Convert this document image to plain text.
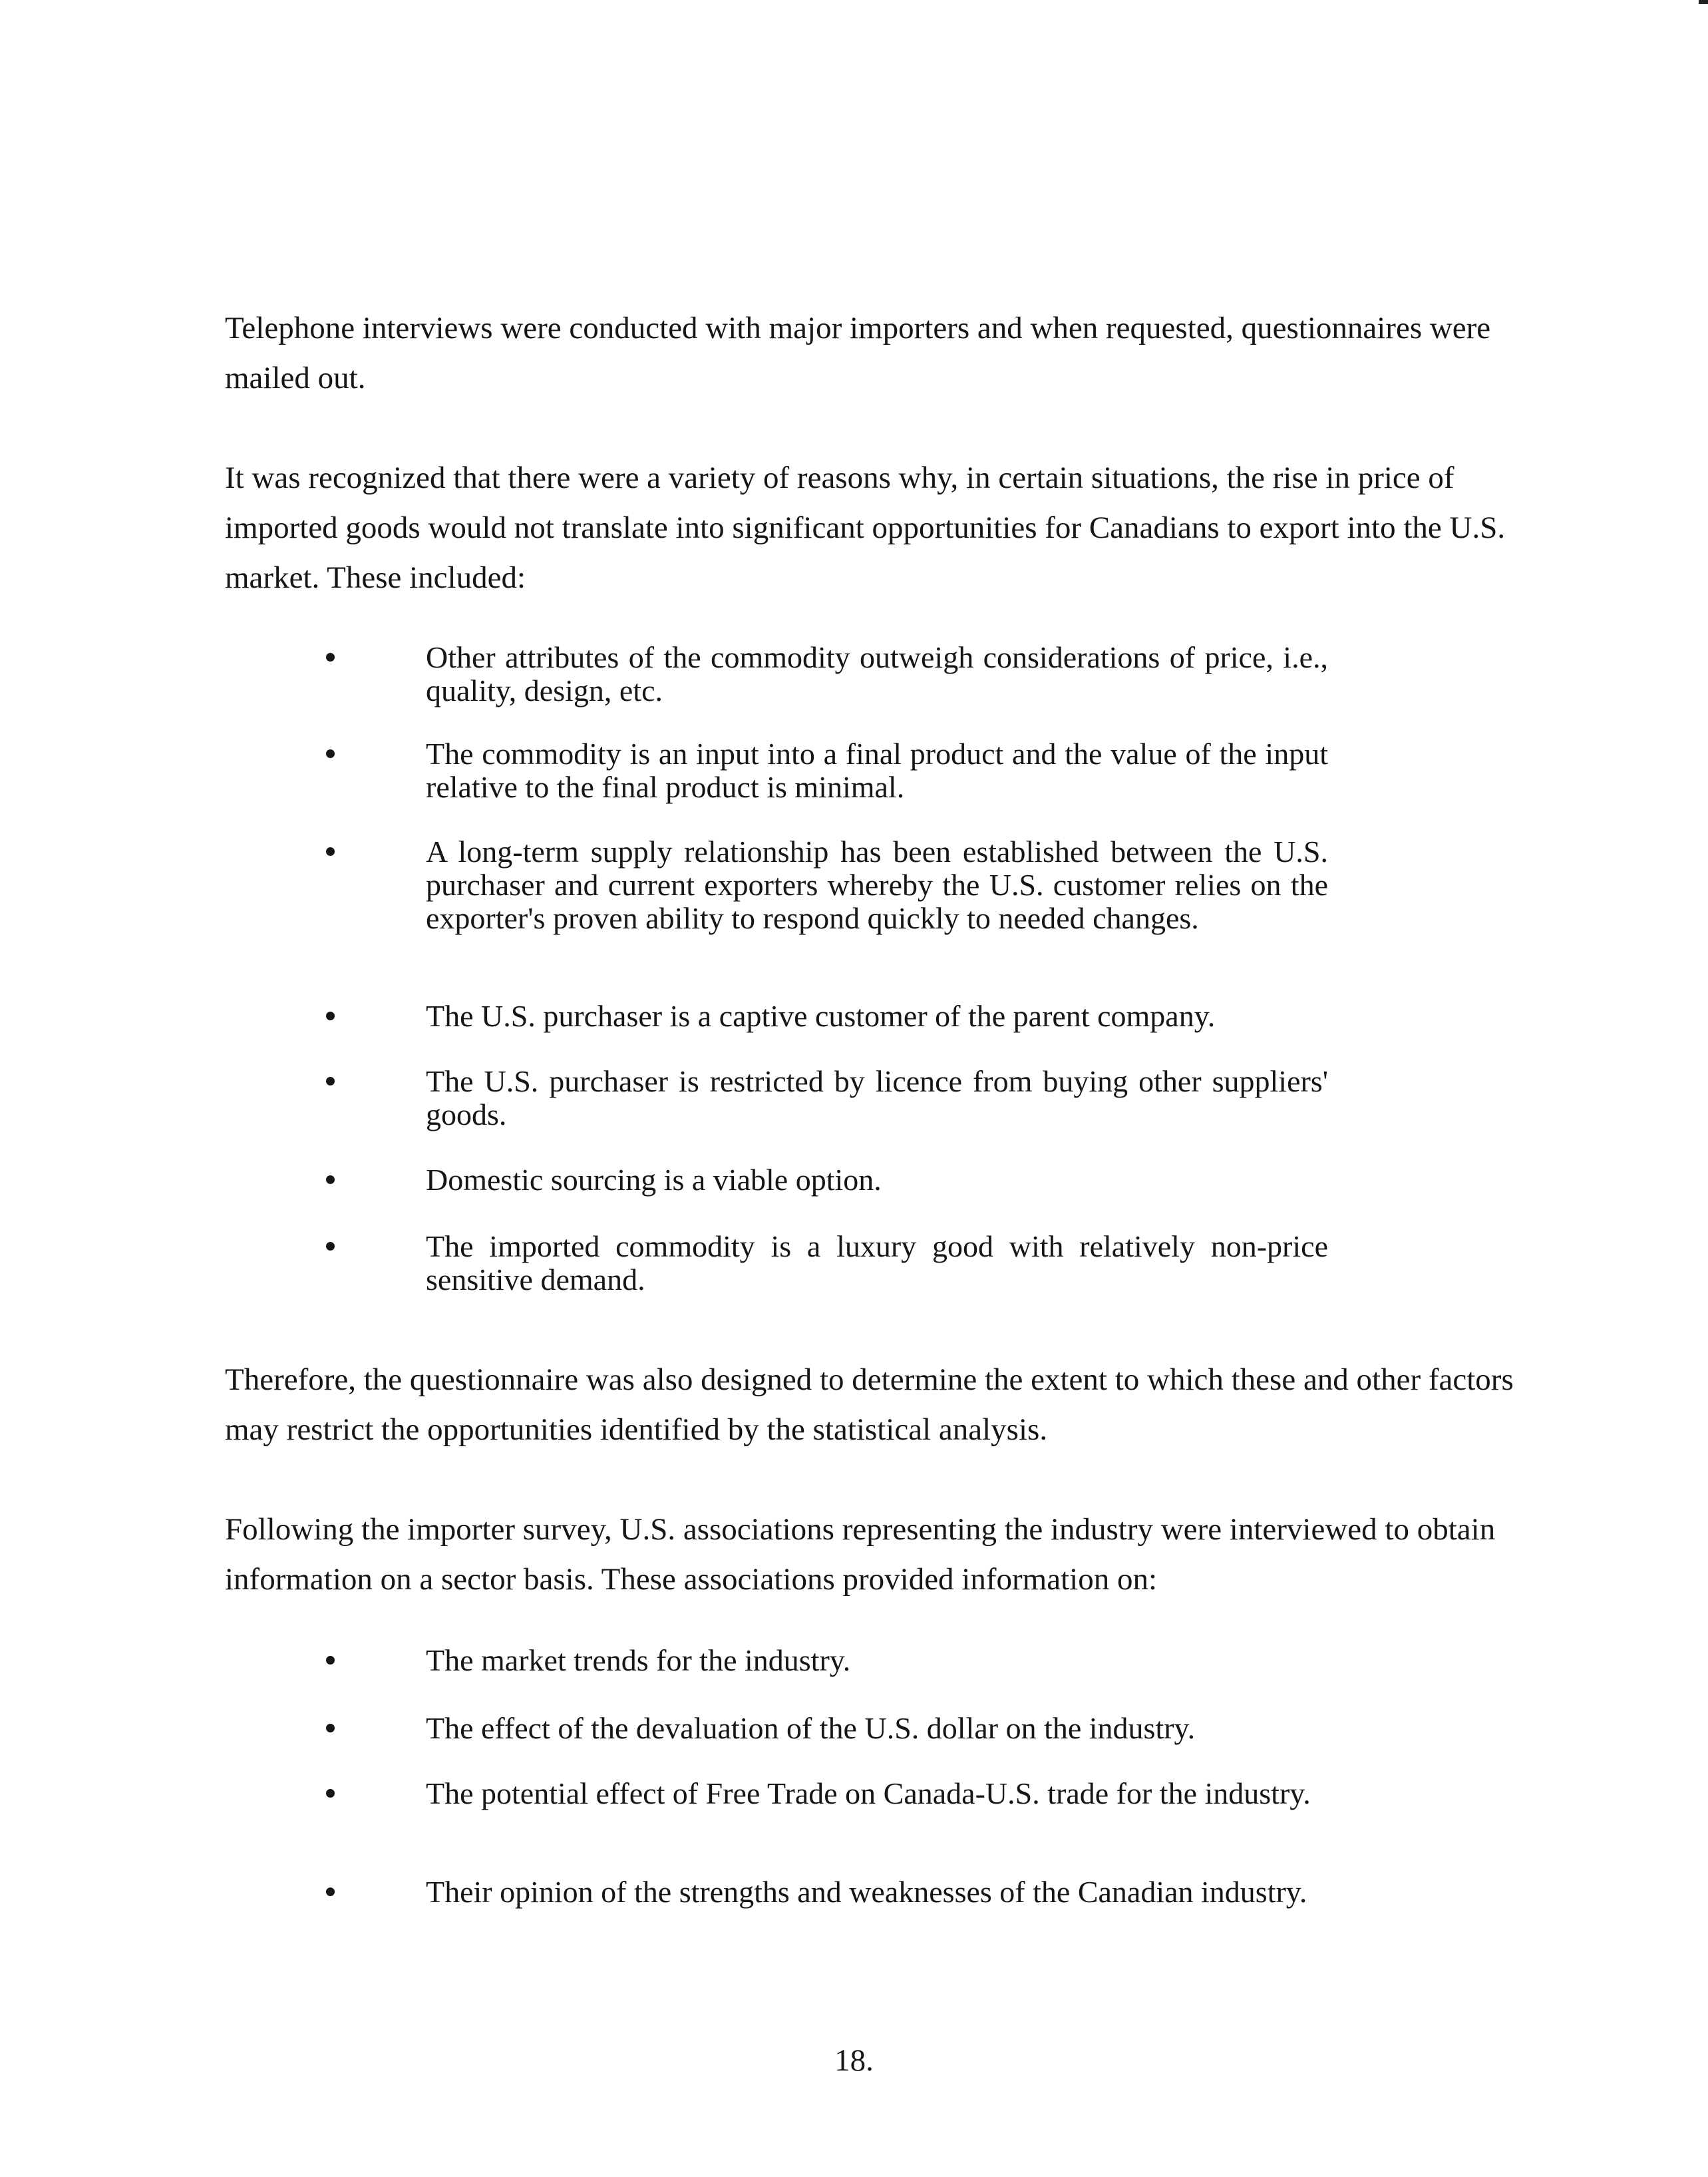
Telephone interviews were conducted with major importers and when requested, questionnaires were mailed out.

It was recognized that there were a variety of reasons why, in certain situations, the rise in price of imported goods would not translate into significant opportunities for Canadians to export into the U.S. market. These included:

Other attributes of the commodity outweigh considerations of price, i.e., quality, design, etc.
The commodity is an input into a final product and the value of the input relative to the final product is minimal.
A long-term supply relationship has been established between the U.S. purchaser and current exporters whereby the U.S. customer relies on the exporter's proven ability to respond quickly to needed changes.
The U.S. purchaser is a captive customer of the parent company.
The U.S. purchaser is restricted by licence from buying other suppliers' goods.
Domestic sourcing is a viable option.
The imported commodity is a luxury good with relatively non-price sensitive demand.

Therefore, the questionnaire was also designed to determine the extent to which these and other factors may restrict the opportunities identified by the statistical analysis.

Following the importer survey, U.S. associations representing the industry were interviewed to obtain information on a sector basis. These associations provided information on:

The market trends for the industry.
The effect of the devaluation of the U.S. dollar on the industry.
The potential effect of Free Trade on Canada-U.S. trade for the industry.
Their opinion of the strengths and weaknesses of the Canadian industry.
18.
